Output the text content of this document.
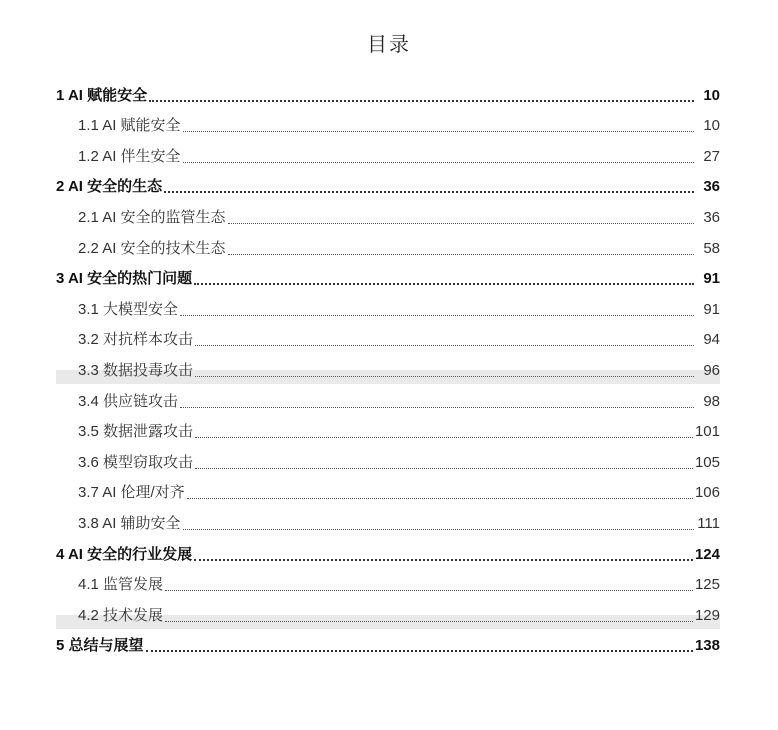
目录
1 AI 赋能安全	10
1.1 AI 赋能安全	10
1.2 AI 伴生安全	27
2 AI 安全的生态	36
2.1 AI 安全的监管生态	36
2.2 AI 安全的技术生态	58
3 AI 安全的热门问题	91
3.1 大模型安全	91
3.2 对抗样本攻击	94
3.3 数据投毒攻击	96
3.4 供应链攻击	98
3.5 数据泄露攻击	101
3.6 模型窃取攻击	105
3.7 AI 伦理/对齐	106
3.8 AI 辅助安全	111
4 AI 安全的行业发展	124
4.1 监管发展	125
4.2 技术发展	129
5 总结与展望	138
